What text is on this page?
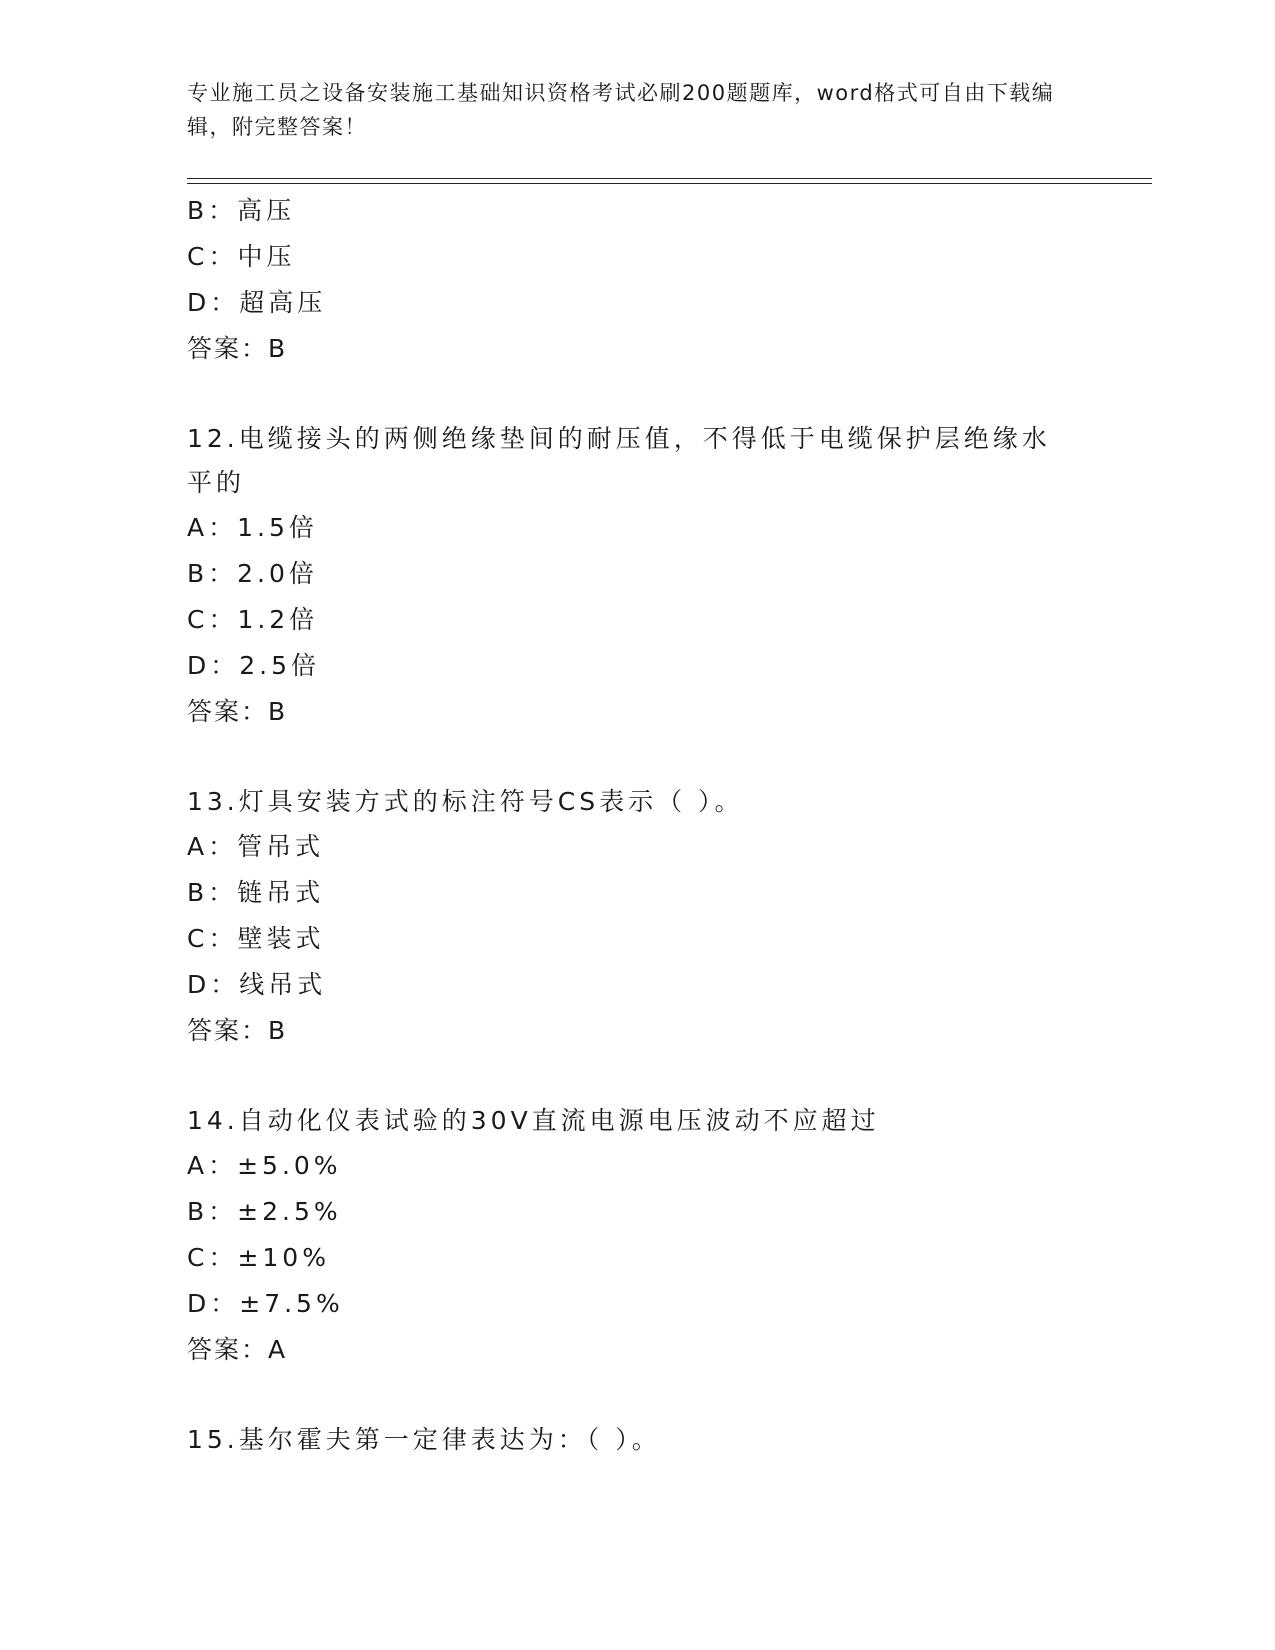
专业施工员之设备安装施工基础知识资格考试必刷200题题库，word格式可自由下载编辑，附完整答案！
B：高压
C：中压
D：超高压
答案：B
12.电缆接头的两侧绝缘垫间的耐压值，不得低于电缆保护层绝缘水平的
A：1.5倍
B：2.0倍
C：1.2倍
D：2.5倍
答案：B
13.灯具安装方式的标注符号CS表示（ ）。
A：管吊式
B：链吊式
C：壁装式
D：线吊式
答案：B
14.自动化仪表试验的30V直流电源电压波动不应超过
A：±5.0%
B：±2.5%
C：±10%
D：±7.5%
答案：A
15.基尔霍夫第一定律表达为：（ ）。
